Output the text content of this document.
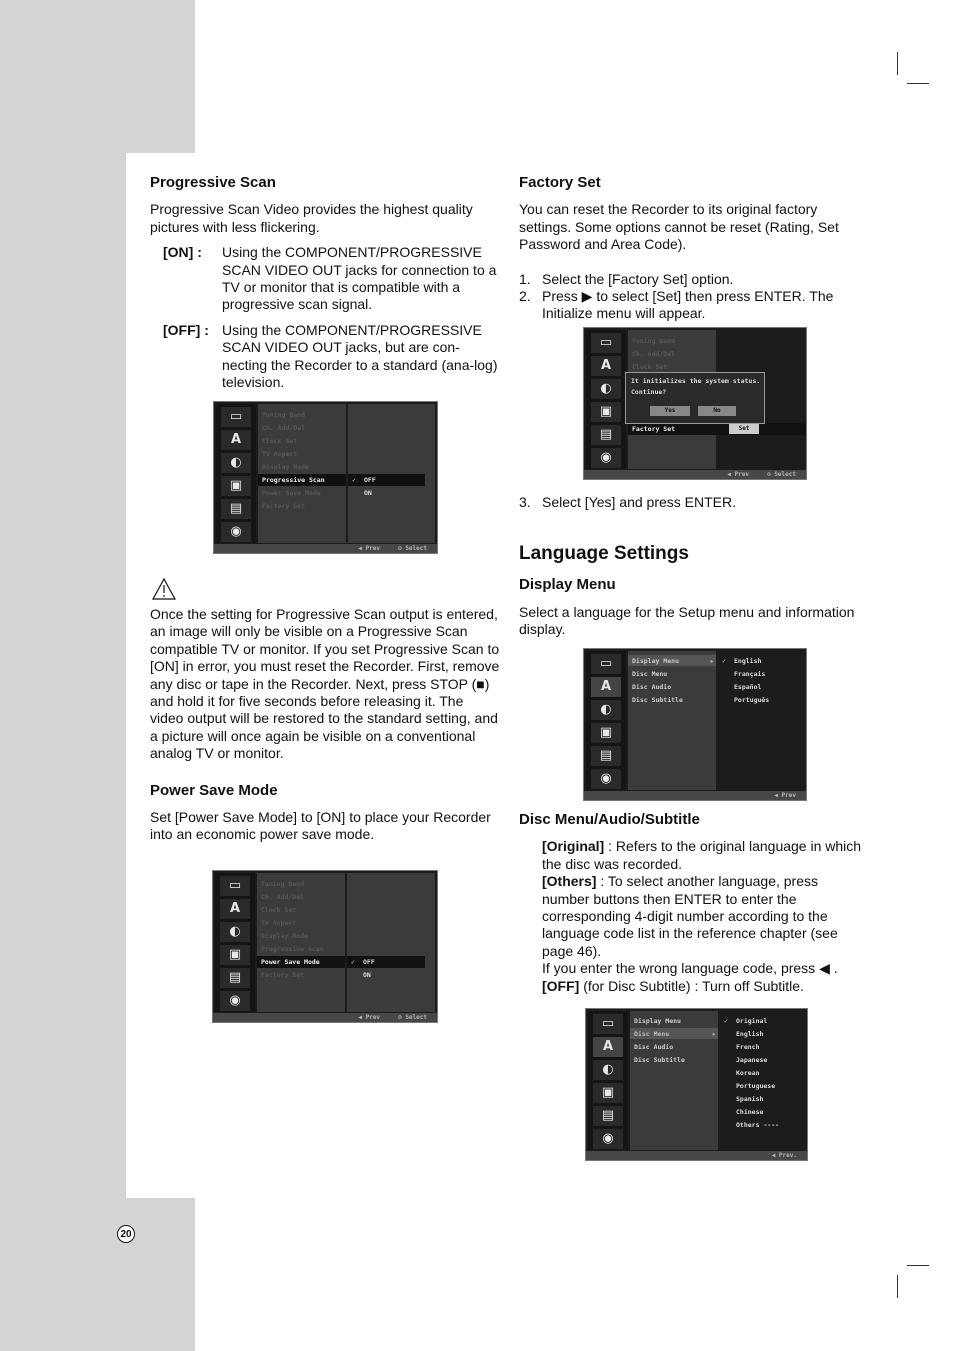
20
Progressive Scan

Progressive Scan Video provides the highest quality pictures with less flickering.

[ON] :	Using the COMPONENT/PROGRESSIVE SCAN VIDEO OUT jacks for connection to a TV or monitor that is compatible with a progressive scan signal.
[OFF] : Using the COMPONENT/PROGRESSIVE SCAN VIDEO OUT jacks, but are con-necting the Recorder to a standard (ana-log) television.
▭
A
◐
▣
▤
◉
Tuning Band
Ch. Add/Del
Clock Set
TV Aspect
Display Mode
Progressive Scan
Power Save Mode
Factory Set
✓ OFF
ON
◀ Prev	⊙ Select

Once the setting for Progressive Scan output is entered, an image will only be visible on a Progressive Scan compatible TV or monitor. If you set Progressive Scan to [ON] in error, you must reset the Recorder. First, remove any disc or tape in the Recorder. Next, press STOP (■) and hold it for five seconds before releasing it. The video output will be restored to the standard setting, and a picture will once again be visible on a conventional analog TV or monitor.

Power Save Mode

Set [Power Save Mode] to [ON] to place your Recorder into an economic power save mode.

▭
A
◐
▣
▤
◉
Tuning Band
Ch. Add/Del
Clock Set
TV Aspect
Display Mode
Progressive Scan
Power Save Mode
Factory Set
✓ OFF
ON
◀ Prev	⊙ Select
Factory Set

You can reset the Recorder to its original factory settings. Some options cannot be reset (Rating, Set Password and Area Code).

1. Select the [Factory Set] option.
2. Press ▶ to select [Set] then press ENTER. The Initialize menu will appear.
▭
A
◐
▣
▤
◉
Tuning Band
Ch. Add/Del
Clock Set
Factory Set	Set
It initializes the system status.
Continue?
Yes	No
◀ Prev	⊙ Select
3. Select [Yes] and press ENTER.
Language Settings
Display Menu

Select a language for the Setup menu and information display.

▭
A
◐
▣
▤
◉
Display Menu	▸
Disc Menu
Disc Audio
Disc Subtitle
✓ English
Français
Español
Português
◀ Prev
Disc Menu/Audio/Subtitle

[Original] : Refers to the original language in which the disc was recorded.

[Others] : To select another language, press number buttons then ENTER to enter the corresponding 4-digit number according to the language code list in the reference chapter (see page 46).

If you enter the wrong language code, press ◀ .

[OFF] (for Disc Subtitle) : Turn off Subtitle.

▭
A
◐
▣
▤
◉
Display Menu
Disc Menu	▸
Disc Audio
Disc Subtitle
✓ Original
English
French
Japanese
Korean
Portuguese
Spanish
Chinese
Others ----
◀ Prev.
